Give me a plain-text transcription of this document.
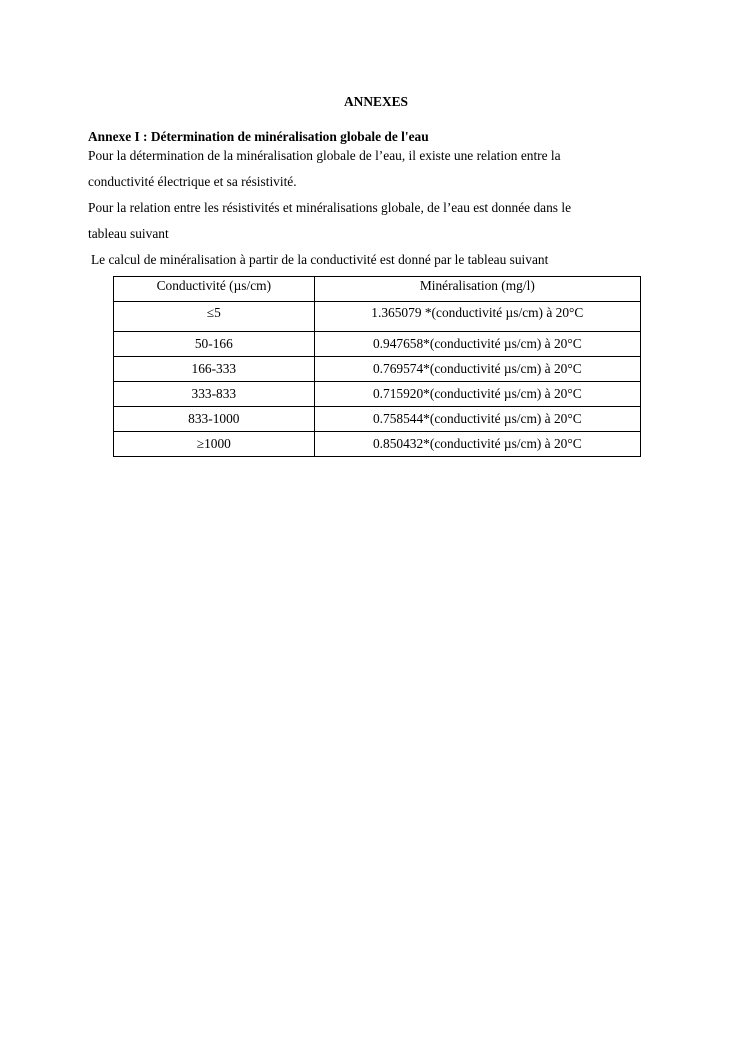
ANNEXES
Annexe I : Détermination de minéralisation globale de l'eau
Pour la détermination de la minéralisation globale de l’eau, il existe une relation entre la
conductivité électrique et sa résistivité.
Pour la relation entre les résistivités et minéralisations globale, de l’eau est donnée dans le
tableau suivant
Le calcul de minéralisation à partir de la conductivité est donné par le tableau suivant
Conductivité (µs/cm)	Minéralisation (mg/l)
≤5	1.365079 *(conductivité µs/cm) à 20°C
50-166	0.947658*(conductivité µs/cm) à 20°C
166-333	0.769574*(conductivité µs/cm) à 20°C
333-833	0.715920*(conductivité µs/cm) à 20°C
833-1000	0.758544*(conductivité µs/cm) à 20°C
≥1000	0.850432*(conductivité µs/cm) à 20°C
